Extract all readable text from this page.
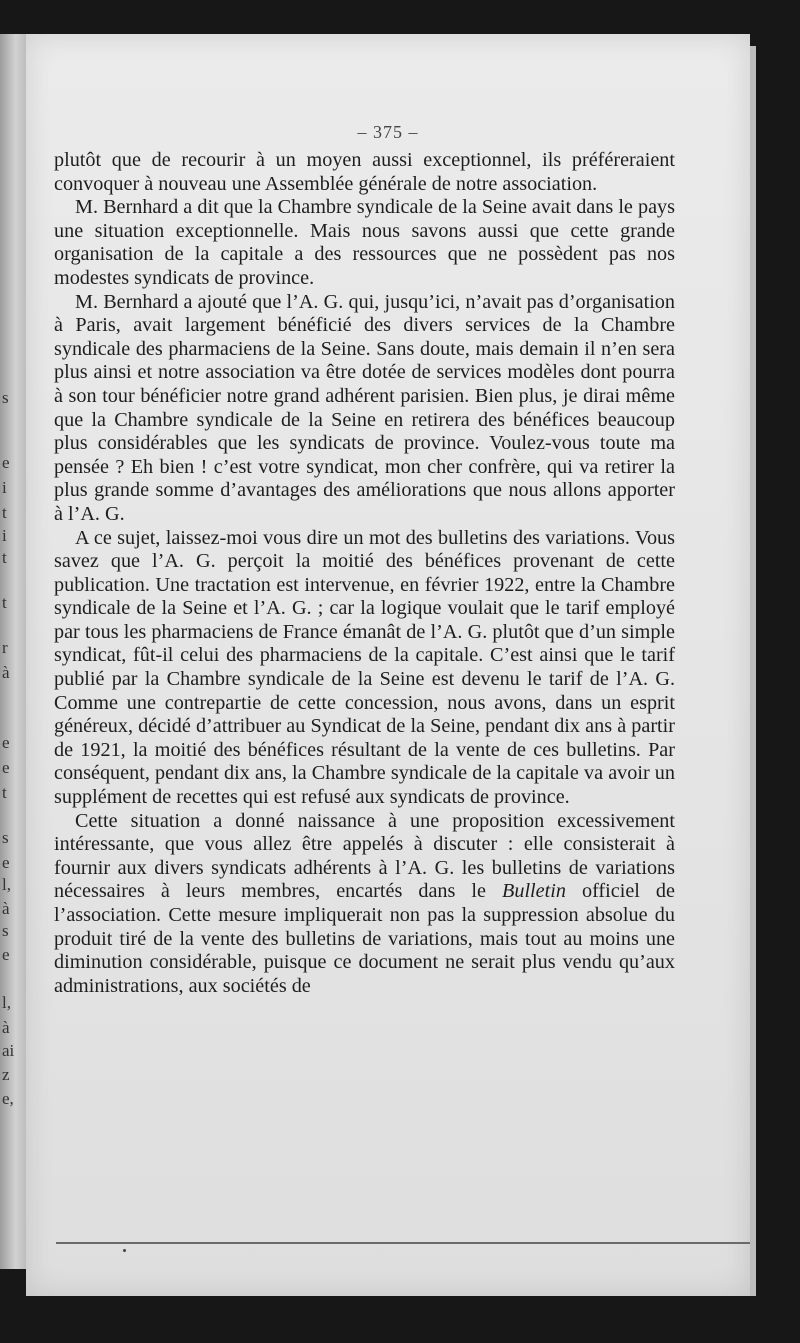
s
e
i
t
i
t
t
r
à
e
e
t
s
e
l,
à
s
e
l,
à
ai
z
e,
– 375 –

plutôt que de recourir à un moyen aussi exceptionnel, ils préféreraient convoquer à nouveau une Assemblée générale de notre association.

M. Bernhard a dit que la Chambre syndicale de la Seine avait dans le pays une situation exceptionnelle. Mais nous savons aussi que cette grande organisation de la capitale a des ressources que ne possèdent pas nos modestes syndicats de province.

M. Bernhard a ajouté que l’A. G. qui, jusqu’ici, n’avait pas d’organisation à Paris, avait largement bénéficié des divers services de la Chambre syndicale des pharmaciens de la Seine. Sans doute, mais demain il n’en sera plus ainsi et notre association va être dotée de services modèles dont pourra à son tour bénéficier notre grand adhérent parisien. Bien plus, je dirai même que la Chambre syndicale de la Seine en retirera des bénéfices beaucoup plus considérables que les syndicats de province. Voulez-vous toute ma pensée ? Eh bien ! c’est votre syndicat, mon cher confrère, qui va retirer la plus grande somme d’avantages des améliorations que nous allons apporter à l’A. G.

A ce sujet, laissez-moi vous dire un mot des bulletins des variations. Vous savez que l’A. G. perçoit la moitié des bénéfices provenant de cette publication. Une tractation est intervenue, en février 1922, entre la Chambre syndicale de la Seine et l’A. G. ; car la logique voulait que le tarif employé par tous les pharmaciens de France émanât de l’A. G. plutôt que d’un simple syndicat, fût-il celui des pharmaciens de la capitale. C’est ainsi que le tarif publié par la Chambre syndicale de la Seine est devenu le tarif de l’A. G. Comme une contrepartie de cette concession, nous avons, dans un esprit généreux, décidé d’attribuer au Syndicat de la Seine, pendant dix ans à partir de 1921, la moitié des bénéfices résultant de la vente de ces bulletins. Par conséquent, pendant dix ans, la Chambre syndicale de la capitale va avoir un supplément de recettes qui est refusé aux syndicats de province.

Cette situation a donné naissance à une proposition excessivement intéressante, que vous allez être appelés à discuter : elle consisterait à fournir aux divers syndicats adhérents à l’A. G. les bulletins de variations nécessaires à leurs membres, encartés dans le Bulletin officiel de l’association. Cette mesure impliquerait non pas la suppression absolue du produit tiré de la vente des bulletins de variations, mais tout au moins une diminution considérable, puisque ce document ne serait plus vendu qu’aux administrations, aux sociétés de
